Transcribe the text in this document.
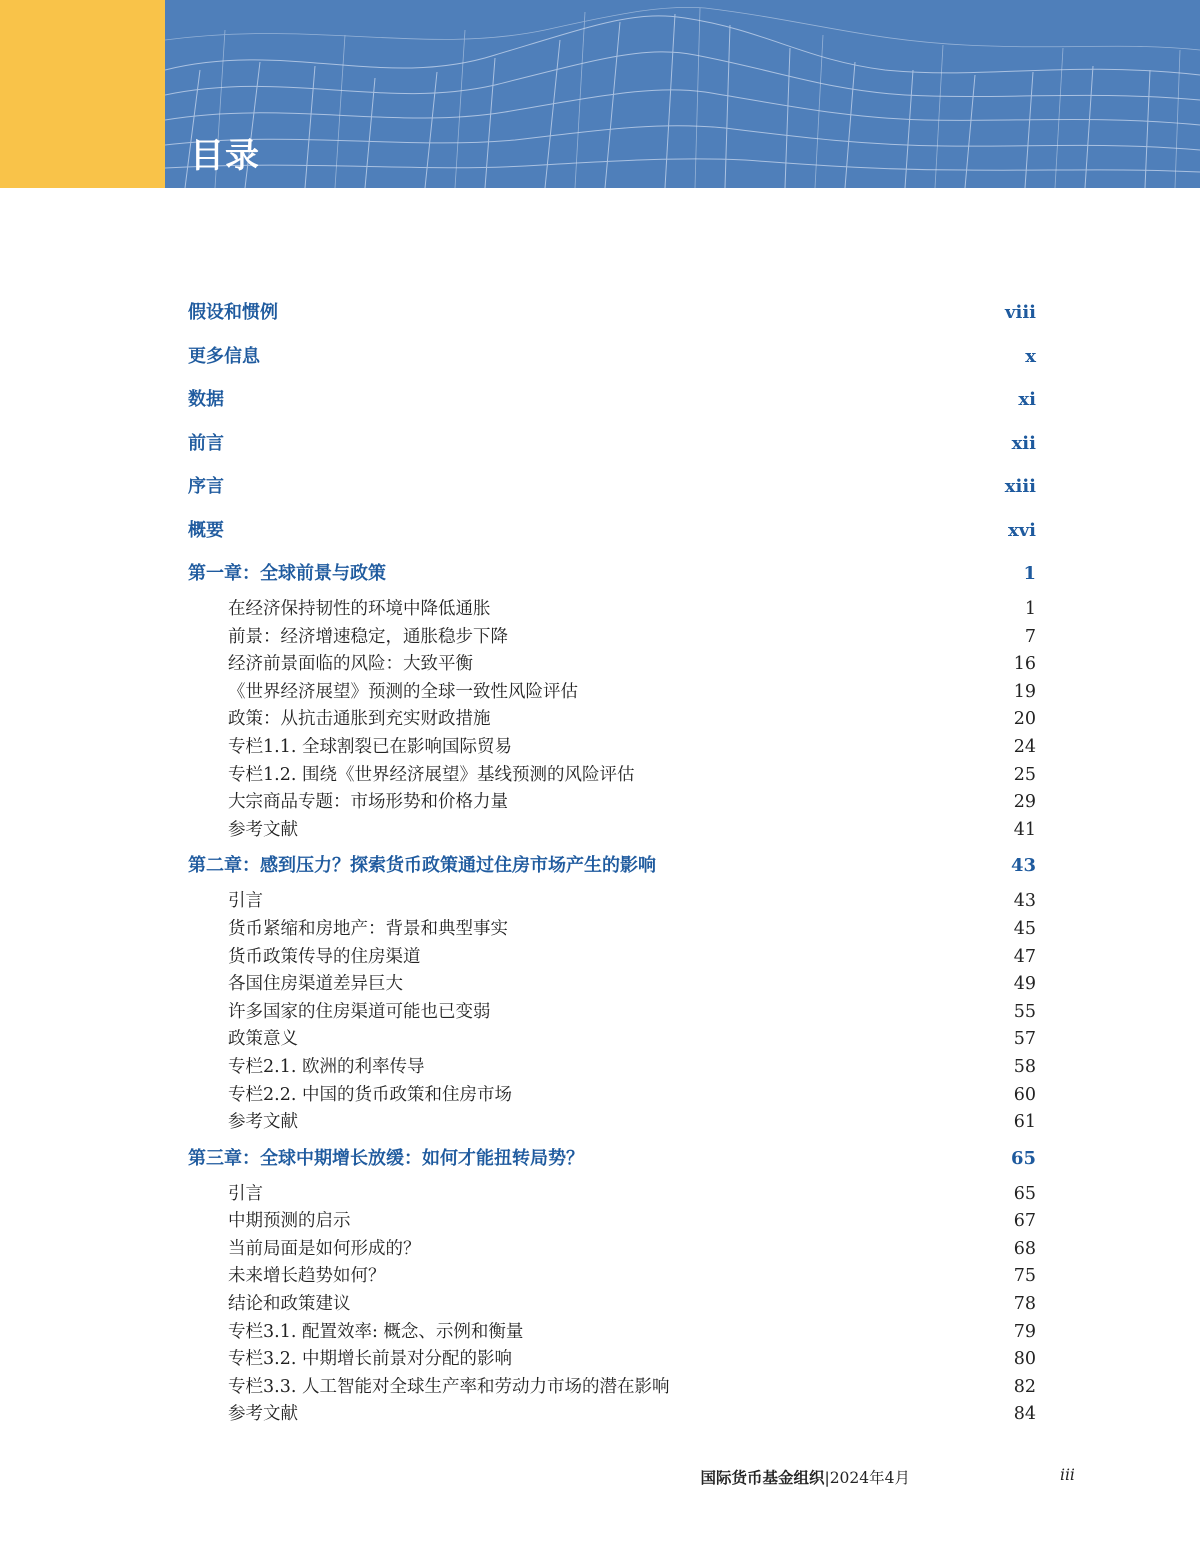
目录
假设和惯例	viii
更多信息	x
数据	xi
前言	xii
序言	xiii
概要	xvi
第一章：全球前景与政策	1
在经济保持韧性的环境中降低通胀	1
前景：经济增速稳定，通胀稳步下降	7
经济前景面临的风险：大致平衡	16
《世界经济展望》预测的全球一致性风险评估	19
政策：从抗击通胀到充实财政措施	20
专栏1.1. 全球割裂已在影响国际贸易	24
专栏1.2. 围绕《世界经济展望》基线预测的风险评估	25
大宗商品专题：市场形势和价格力量	29
参考文献	41
第二章：感到压力？探索货币政策通过住房市场产生的影响	43
引言	43
货币紧缩和房地产：背景和典型事实	45
货币政策传导的住房渠道	47
各国住房渠道差异巨大	49
许多国家的住房渠道可能也已变弱	55
政策意义	57
专栏2.1. 欧洲的利率传导	58
专栏2.2. 中国的货币政策和住房市场	60
参考文献	61
第三章：全球中期增长放缓：如何才能扭转局势？	65
引言	65
中期预测的启示	67
当前局面是如何形成的？	68
未来增长趋势如何？	75
结论和政策建议	78
专栏3.1. 配置效率: 概念、示例和衡量	79
专栏3.2. 中期增长前景对分配的影响	80
专栏3.3. 人工智能对全球生产率和劳动力市场的潜在影响	82
参考文献	84
国际货币基金组织|2024年4月	iii
